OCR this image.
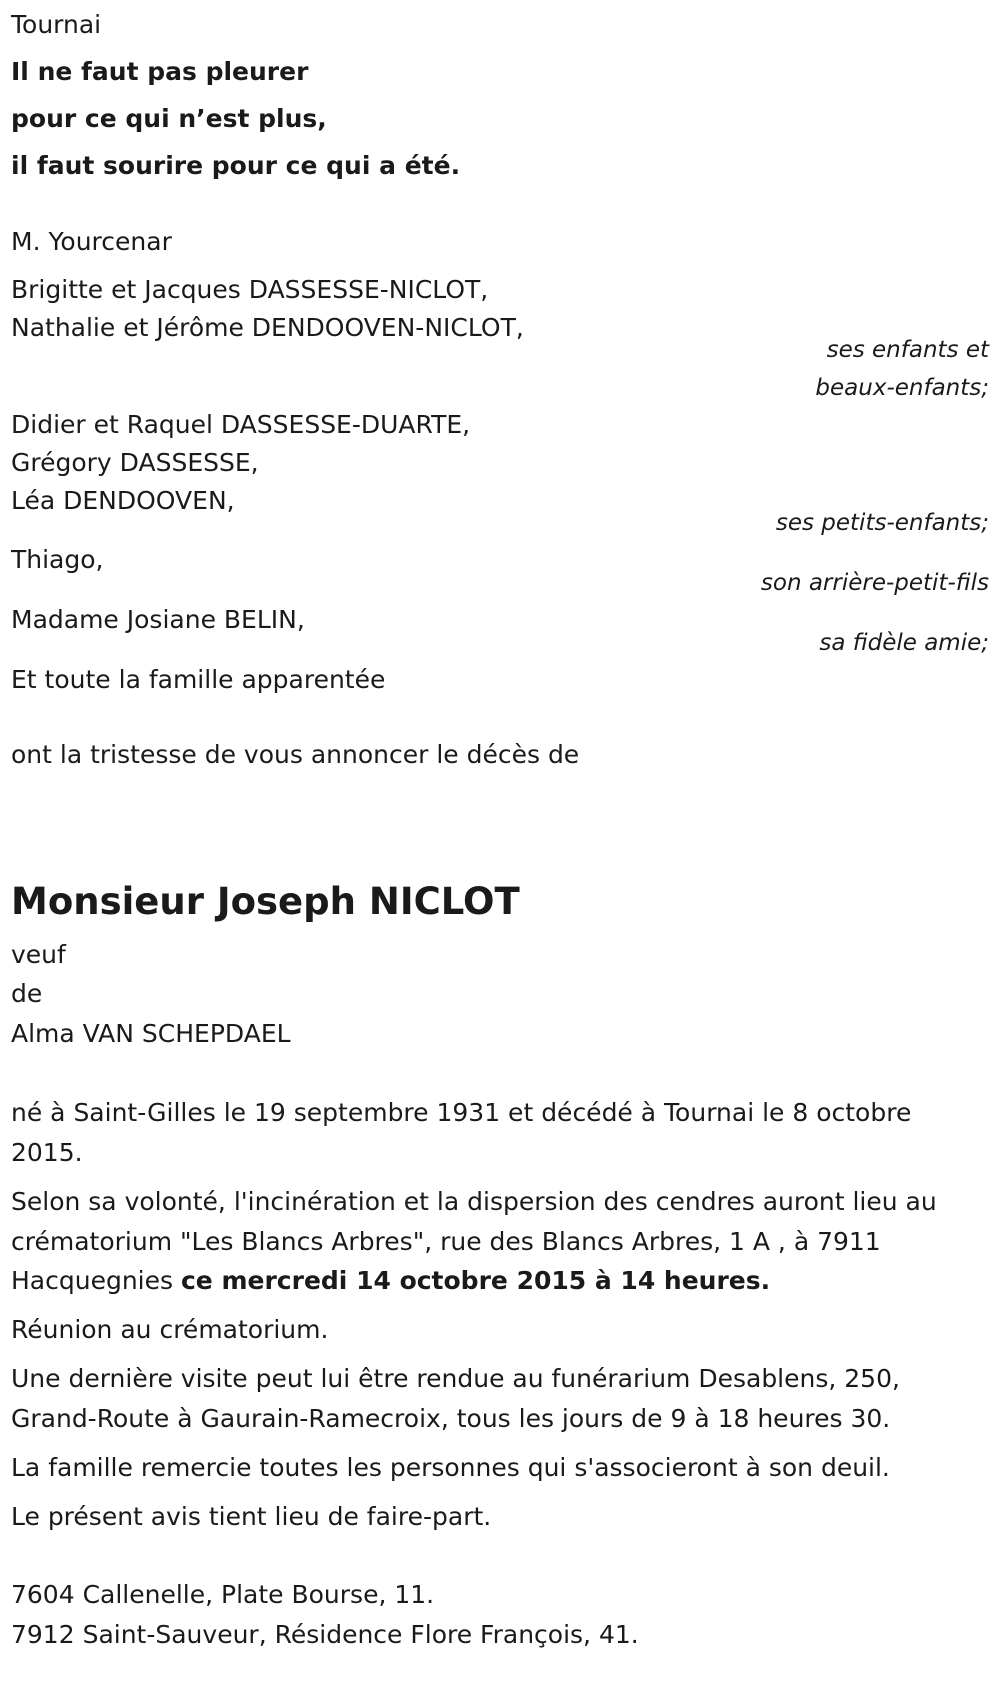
Tournai

Il ne faut pas pleurer

pour ce qui n’est plus,

il faut sourire pour ce qui a été.

M. Yourcenar

Brigitte et Jacques DASSESSE-NICLOT,

Nathalie et Jérôme DENDOOVEN-NICLOT,

ses enfants et
beaux-enfants;

Didier et Raquel DASSESSE-DUARTE,

Grégory DASSESSE,

Léa DENDOOVEN,

ses petits-enfants;

Thiago,

son arrière-petit-fils

Madame Josiane BELIN,

sa fidèle amie;

Et toute la famille apparentée

ont la tristesse de vous annoncer le décès de

Monsieur Joseph NICLOT

veuf

de

Alma VAN SCHEPDAEL

né à Saint-Gilles le 19 septembre 1931 et décédé à Tournai le 8 octobre

2015.

Selon sa volonté, l'incinération et la dispersion des cendres auront lieu au

crématorium "Les Blancs Arbres", rue des Blancs Arbres, 1 A , à 7911

Hacquegnies ce mercredi 14 octobre 2015 à 14 heures.

Réunion au crématorium.

Une dernière visite peut lui être rendue au funérarium Desablens, 250,

Grand-Route à Gaurain-Ramecroix, tous les jours de 9 à 18 heures 30.

La famille remercie toutes les personnes qui s'associeront à son deuil.

Le présent avis tient lieu de faire-part.

7604 Callenelle, Plate Bourse, 11.

7912 Saint-Sauveur, Résidence Flore François, 41.
